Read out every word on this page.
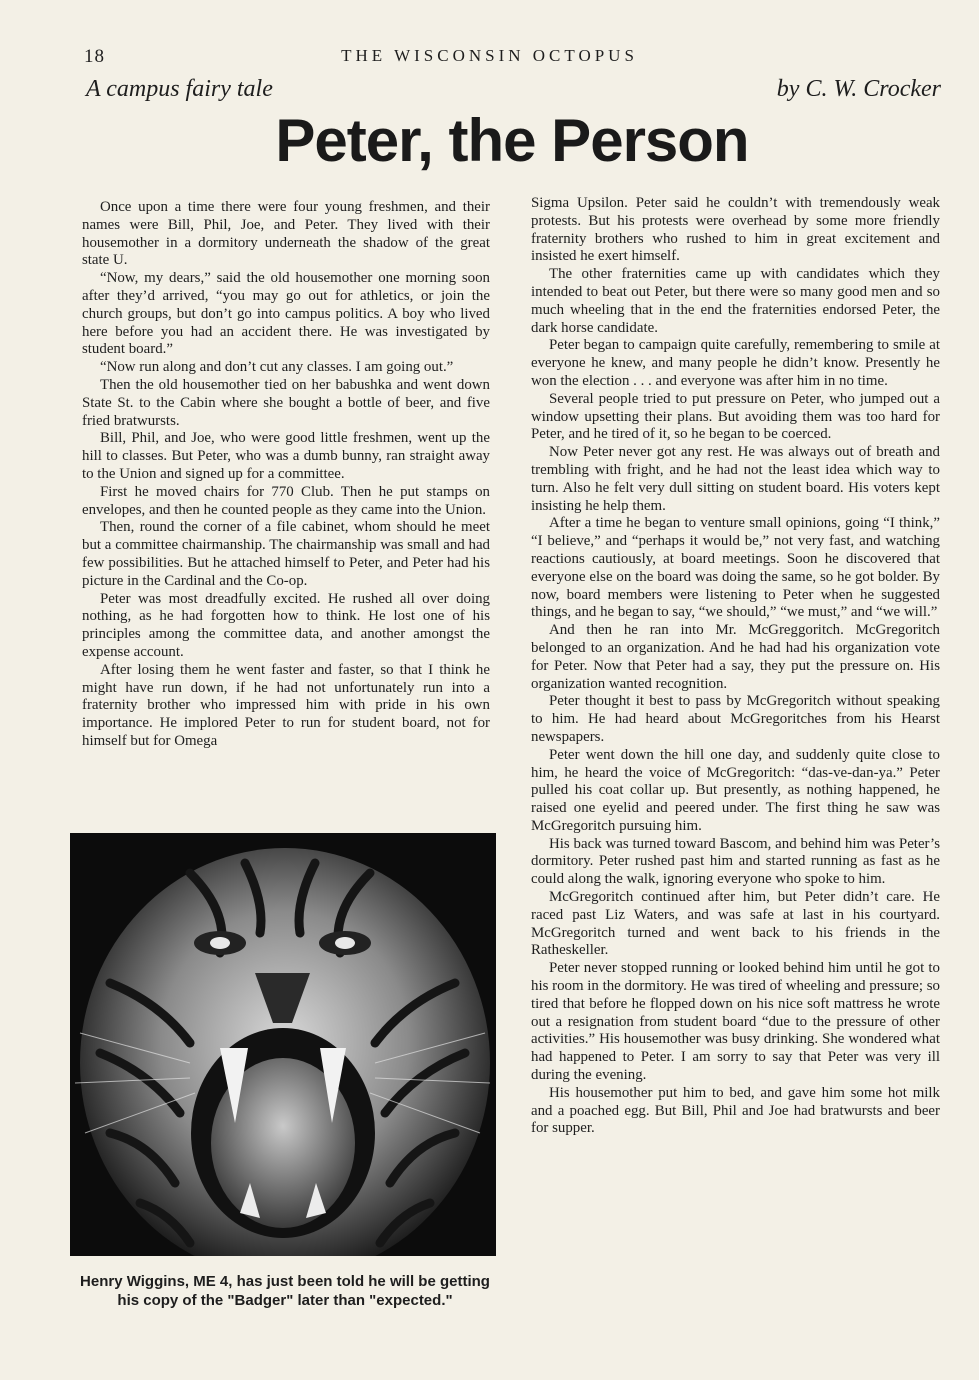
18	THE WISCONSIN OCTOPUS
A campus fairy tale	by C. W. Crocker
Peter, the Person

Once upon a time there were four young freshmen, and their names were Bill, Phil, Joe, and Peter. They lived with their housemother in a dormitory underneath the shadow of the great state U.

“Now, my dears,” said the old housemother one morning soon after they’d arrived, “you may go out for athletics, or join the church groups, but don’t go into campus politics. A boy who lived here before you had an accident there. He was investigated by student board.”

“Now run along and don’t cut any classes. I am going out.”

Then the old housemother tied on her babushka and went down State St. to the Cabin where she bought a bottle of beer, and five fried bratwursts.

Bill, Phil, and Joe, who were good little freshmen, went up the hill to classes. But Peter, who was a dumb bunny, ran straight away to the Union and signed up for a committee.

First he moved chairs for 770 Club. Then he put stamps on envelopes, and then he counted people as they came into the Union.

Then, round the corner of a file cabinet, whom should he meet but a committee chairmanship. The chairmanship was small and had few possibilities. But he attached himself to Peter, and Peter had his picture in the Cardinal and the Co-op.

Peter was most dreadfully excited. He rushed all over doing nothing, as he had forgotten how to think. He lost one of his principles among the committee data, and another amongst the expense account.

After losing them he went faster and faster, so that I think he might have run down, if he had not unfortunately run into a fraternity brother who impressed him with pride in his own importance. He implored Peter to run for student board, not for himself but for Omega

Henry Wiggins, ME 4, has just been told he will be getting his copy of the "Badger" later than "expected."

Sigma Upsilon. Peter said he couldn’t with tremendously weak protests. But his protests were overhead by some more friendly fraternity brothers who rushed to him in great excitement and insisted he exert himself.

The other fraternities came up with candidates which they intended to beat out Peter, but there were so many good men and so much wheeling that in the end the fraternities endorsed Peter, the dark horse candidate.

Peter began to campaign quite carefully, remembering to smile at everyone he knew, and many people he didn’t know. Presently he won the election . . . and everyone was after him in no time.

Several people tried to put pressure on Peter, who jumped out a window upsetting their plans. But avoiding them was too hard for Peter, and he tired of it, so he began to be coerced.

Now Peter never got any rest. He was always out of breath and trembling with fright, and he had not the least idea which way to turn. Also he felt very dull sitting on student board. His voters kept insisting he help them.

After a time he began to venture small opinions, going “I think,” “I believe,” and “perhaps it would be,” not very fast, and watching reactions cautiously, at board meetings. Soon he discovered that everyone else on the board was doing the same, so he got bolder. By now, board members were listening to Peter when he suggested things, and he began to say, “we should,” “we must,” and “we will.”

And then he ran into Mr. McGreggoritch. McGregoritch belonged to an organization. And he had had his organization vote for Peter. Now that Peter had a say, they put the pressure on. His organization wanted recognition.

Peter thought it best to pass by McGregoritch without speaking to him. He had heard about McGregoritches from his Hearst newspapers.

Peter went down the hill one day, and suddenly quite close to him, he heard the voice of McGregoritch: “das-ve-dan-ya.” Peter pulled his coat collar up. But presently, as nothing happened, he raised one eyelid and peered under. The first thing he saw was McGregoritch pursuing him.

His back was turned toward Bascom, and behind him was Peter’s dormitory. Peter rushed past him and started running as fast as he could along the walk, ignoring everyone who spoke to him.

McGregoritch continued after him, but Peter didn’t care. He raced past Liz Waters, and was safe at last in his courtyard. McGregoritch turned and went back to his friends in the Ratheskeller.

Peter never stopped running or looked behind him until he got to his room in the dormitory. He was tired of wheeling and pressure; so tired that before he flopped down on his nice soft mattress he wrote out a resignation from student board “due to the pressure of other activities.” His housemother was busy drinking. She wondered what had happened to Peter. I am sorry to say that Peter was very ill during the evening.

His housemother put him to bed, and gave him some hot milk and a poached egg. But Bill, Phil and Joe had bratwursts and beer for supper.
